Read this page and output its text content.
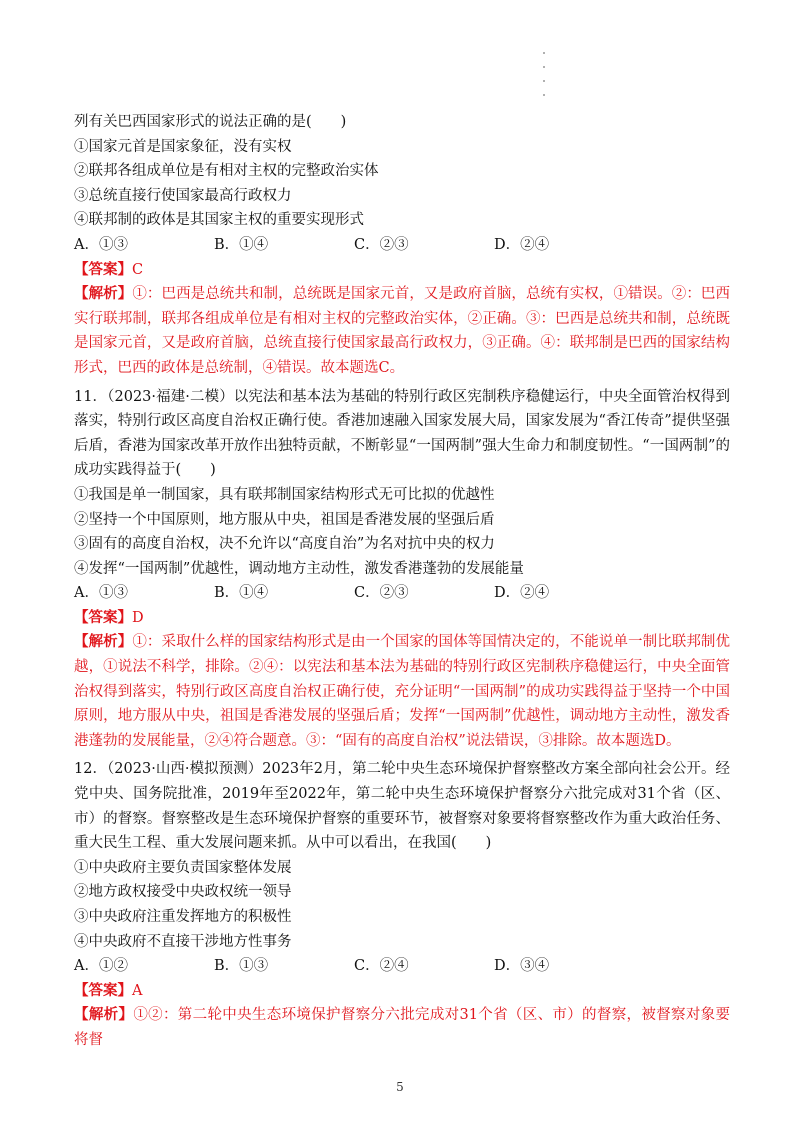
列有关巴西国家形式的说法正确的是(　　)
①国家元首是国家象征，没有实权
②联邦各组成单位是有相对主权的完整政治实体
③总统直接行使国家最高行政权力
④联邦制的政体是其国家主权的重要实现形式
A．①③	B．①④	C．②③	D．②④
【答案】C
【解析】①：巴西是总统共和制，总统既是国家元首，又是政府首脑，总统有实权，①错误。②：巴西实行联邦制，联邦各组成单位是有相对主权的完整政治实体，②正确。③：巴西是总统共和制，总统既是国家元首，又是政府首脑，总统直接行使国家最高行政权力，③正确。④：联邦制是巴西的国家结构形式，巴西的政体是总统制，④错误。故本题选C。
11．（2023·福建·二模）以宪法和基本法为基础的特别行政区宪制秩序稳健运行，中央全面管治权得到落实，特别行政区高度自治权正确行使。香港加速融入国家发展大局，国家发展为“香江传奇”提供坚强后盾，香港为国家改革开放作出独特贡献，不断彰显“一国两制”强大生命力和制度韧性。“一国两制”的成功实践得益于(　　)
①我国是单一制国家，具有联邦制国家结构形式无可比拟的优越性
②坚持一个中国原则，地方服从中央，祖国是香港发展的坚强后盾
③固有的高度自治权，决不允许以“高度自治”为名对抗中央的权力
④发挥“一国两制”优越性，调动地方主动性，激发香港蓬勃的发展能量
A．①③	B．①④	C．②③	D．②④
【答案】D
【解析】①：采取什么样的国家结构形式是由一个国家的国体等国情决定的，不能说单一制比联邦制优越，①说法不科学，排除。②④：以宪法和基本法为基础的特别行政区宪制秩序稳健运行，中央全面管治权得到落实，特别行政区高度自治权正确行使，充分证明“一国两制”的成功实践得益于坚持一个中国原则，地方服从中央，祖国是香港发展的坚强后盾；发挥“一国两制”优越性，调动地方主动性，激发香港蓬勃的发展能量，②④符合题意。③：“固有的高度自治权”说法错误，③排除。故本题选D。
12．（2023·山西·模拟预测）2023年2月，第二轮中央生态环境保护督察整改方案全部向社会公开。经党中央、国务院批准，2019年至2022年，第二轮中央生态环境保护督察分六批完成对31个省（区、市）的督察。督察整改是生态环境保护督察的重要环节，被督察对象要将督察整改作为重大政治任务、重大民生工程、重大发展问题来抓。从中可以看出，在我国(　　)
①中央政府主要负责国家整体发展
②地方政权接受中央政权统一领导
③中央政府注重发挥地方的积极性
④中央政府不直接干涉地方性事务
A．①②	B．①③	C．②④	D．③④
【答案】A
【解析】①②：第二轮中央生态环境保护督察分六批完成对31个省（区、市）的督察，被督察对象要将督
5
